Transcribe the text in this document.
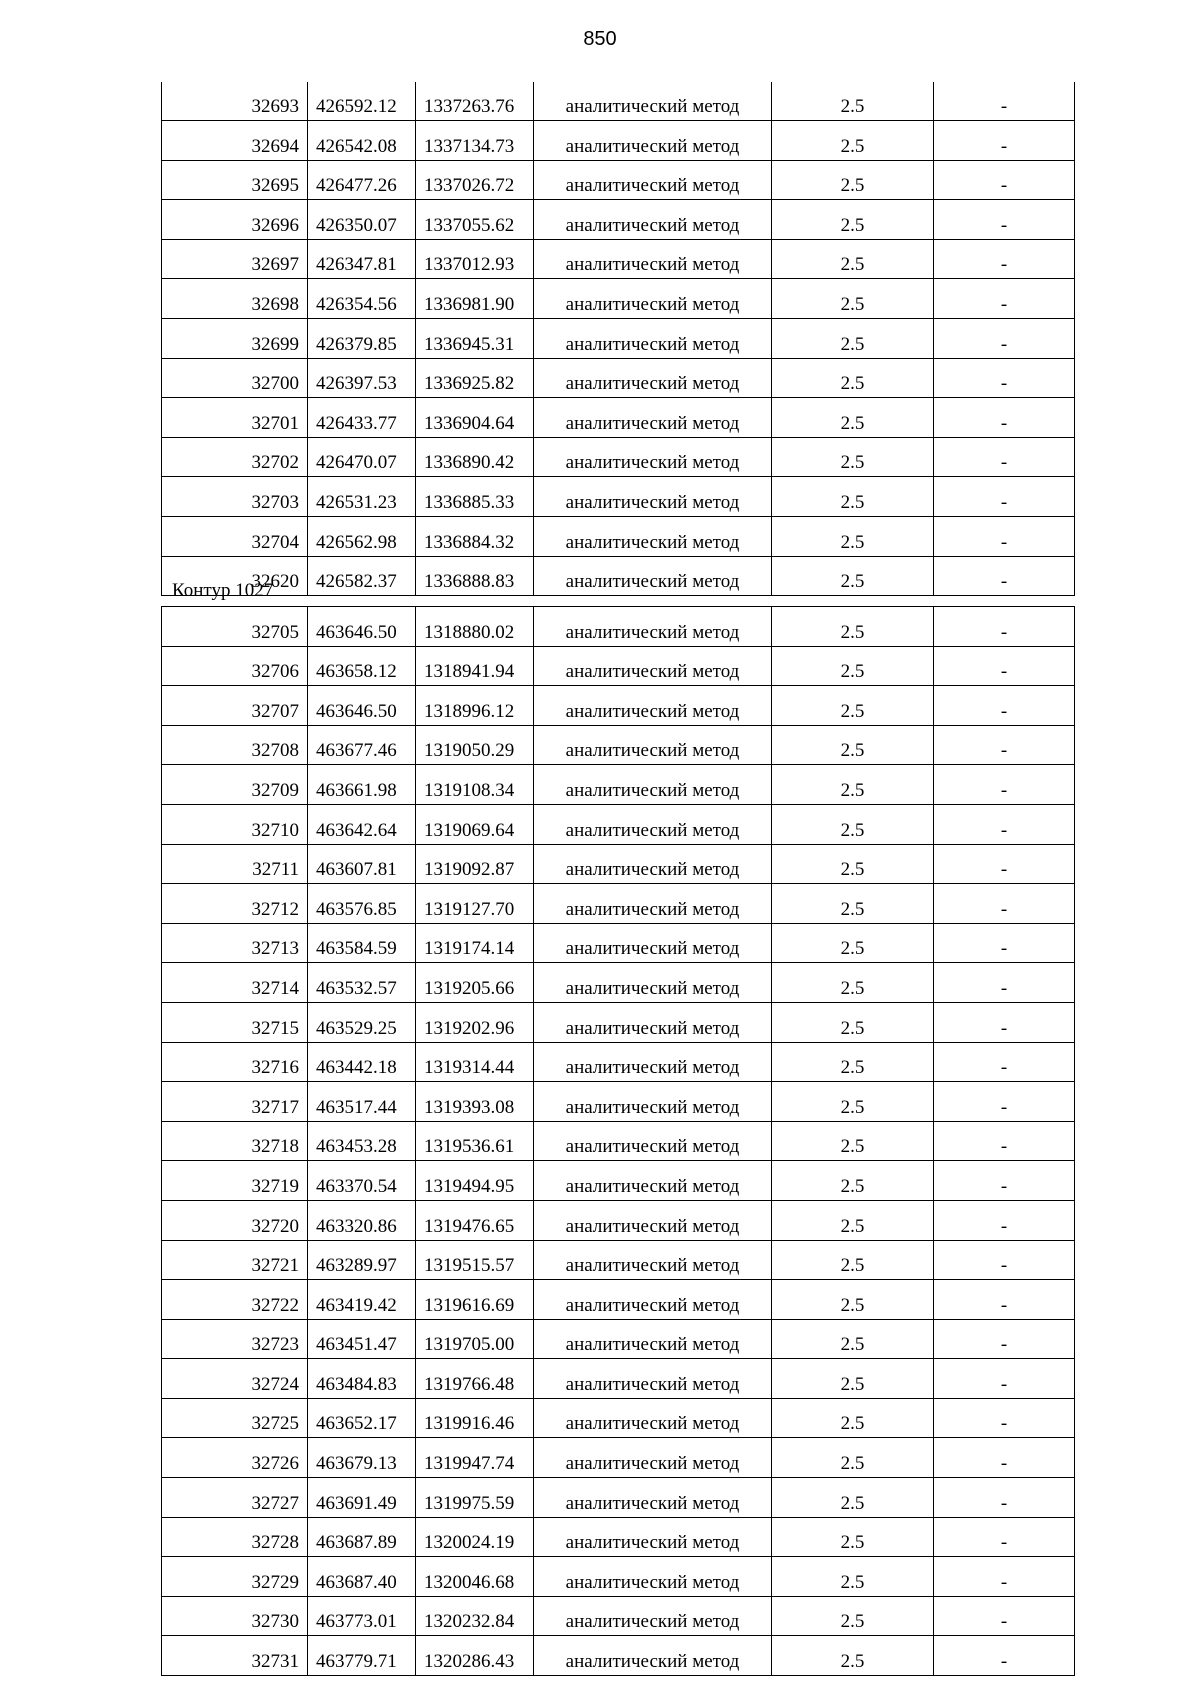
850
32693	426592.12	1337263.76	аналитический метод	2.5	-
32694	426542.08	1337134.73	аналитический метод	2.5	-
32695	426477.26	1337026.72	аналитический метод	2.5	-
32696	426350.07	1337055.62	аналитический метод	2.5	-
32697	426347.81	1337012.93	аналитический метод	2.5	-
32698	426354.56	1336981.90	аналитический метод	2.5	-
32699	426379.85	1336945.31	аналитический метод	2.5	-
32700	426397.53	1336925.82	аналитический метод	2.5	-
32701	426433.77	1336904.64	аналитический метод	2.5	-
32702	426470.07	1336890.42	аналитический метод	2.5	-
32703	426531.23	1336885.33	аналитический метод	2.5	-
32704	426562.98	1336884.32	аналитический метод	2.5	-
32620	426582.37	1336888.83	аналитический метод	2.5	-
Контур 1027
32705	463646.50	1318880.02	аналитический метод	2.5	-
32706	463658.12	1318941.94	аналитический метод	2.5	-
32707	463646.50	1318996.12	аналитический метод	2.5	-
32708	463677.46	1319050.29	аналитический метод	2.5	-
32709	463661.98	1319108.34	аналитический метод	2.5	-
32710	463642.64	1319069.64	аналитический метод	2.5	-
32711	463607.81	1319092.87	аналитический метод	2.5	-
32712	463576.85	1319127.70	аналитический метод	2.5	-
32713	463584.59	1319174.14	аналитический метод	2.5	-
32714	463532.57	1319205.66	аналитический метод	2.5	-
32715	463529.25	1319202.96	аналитический метод	2.5	-
32716	463442.18	1319314.44	аналитический метод	2.5	-
32717	463517.44	1319393.08	аналитический метод	2.5	-
32718	463453.28	1319536.61	аналитический метод	2.5	-
32719	463370.54	1319494.95	аналитический метод	2.5	-
32720	463320.86	1319476.65	аналитический метод	2.5	-
32721	463289.97	1319515.57	аналитический метод	2.5	-
32722	463419.42	1319616.69	аналитический метод	2.5	-
32723	463451.47	1319705.00	аналитический метод	2.5	-
32724	463484.83	1319766.48	аналитический метод	2.5	-
32725	463652.17	1319916.46	аналитический метод	2.5	-
32726	463679.13	1319947.74	аналитический метод	2.5	-
32727	463691.49	1319975.59	аналитический метод	2.5	-
32728	463687.89	1320024.19	аналитический метод	2.5	-
32729	463687.40	1320046.68	аналитический метод	2.5	-
32730	463773.01	1320232.84	аналитический метод	2.5	-
32731	463779.71	1320286.43	аналитический метод	2.5	-
